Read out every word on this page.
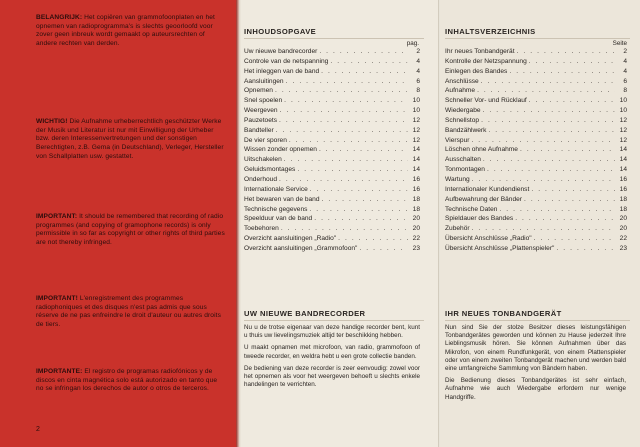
BELANGRIJK: Het copiëren van grammofoonplaten en het opnemen van radioprogramma's is slechts geoorloofd voor zover geen inbreuk wordt gemaakt op auteursrechten of andere rechten van derden.
WICHTIG! Die Aufnahme urheberrechtlich geschützter Werke der Musik und Literatur ist nur mit Einwilligung der Urheber bzw. deren Interessenvertretungen und der sonstigen Berechtigten, z.B. Gema (in Deutschland), Verleger, Hersteller von Schallplatten usw. gestattet.
IMPORTANT: It should be remembered that recording of radio programmes (and copying of gramophone records) is only permissible in so far as copyright or other rights of third parties are not thereby infringed.
IMPORTANT! L'enregistrement des programmes radiophoniques et des disques n'est pas admis que sous réserve de ne pas enfreindre le droit d'auteur ou autres droits de tiers.
IMPORTANTE: El registro de programas radiofónicos y de discos en cinta magnética solo está autorizado en tanto que no se infringan los derechos de autor o otros de terceros.
2
INHOUDSOPGAVE
pag.
Uw nieuwe bandrecorder . . .	2
Controle van de netspanning . . .	4
Het inleggen van de band . . .	4
Aansluitingen . . .	6
Opnemen . . .	8
Snel spoelen . . .	10
Weergeven . . .	10
Pauzetoets . . .	12
Bandteller . . .	12
De vier sporen . . .	12
Wissen zonder opnemen . . .	14
Uitschakelen . . .	14
Geluidsmontages . . .	14
Onderhoud . . .	16
Internationale Service . . .	16
Het bewaren van de band . . .	18
Technische gegevens . . .	18
Speelduur van de band . . .	20
Toebehoren . . .	20
Overzicht aansluitingen „Radio" . . .	22
Overzicht aansluitingen „Grammofoon" . . .	23
INHALTSVERZEICHNIS
Seite
Ihr neues Tonbandgerät . . .	2
Kontrolle der Netzspannung . . .	4
Einlegen des Bandes . . .	4
Anschlüsse . . .	6
Aufnahme . . .	8
Schneller Vor- und Rücklauf . . .	10
Wiedergabe . . .	10
Schnellstop . . .	12
Bandzählwerk . . .	12
Vierspur . . .	12
Löschen ohne Aufnahme . . .	14
Ausschalten . . .	14
Tonmontagen . . .	14
Wartung . . .	16
Internationaler Kundendienst . . .	16
Aufbewahrung der Bänder . . .	18
Technische Daten . . .	18
Spieldauer des Bandes . . .	20
Zubehör . . .	20
Übersicht Anschlüsse „Radio" . . .	22
Übersicht Anschlüsse „Plattenspieler" . . .	23
UW NIEUWE BANDRECORDER

Nu u de trotse eigenaar van deze handige recorder bent, kunt u thuis uw lievelingsmuziek altijd ter beschikking hebben.

U maakt opnamen met microfoon, van radio, grammofoon of tweede recorder, en weldra hebt u een grote collectie banden.

De bediening van deze recorder is zeer eenvoudig: zowel voor het opnemen als voor het weergeven behoeft u slechts enkele handelingen te verrichten.

IHR NEUES TONBANDGERÄT

Nun sind Sie der stolze Besitzer dieses leistungsfähigen Tonbandgerätes geworden und können zu Hause jederzeit Ihre Lieblingsmusik hören. Sie können Aufnahmen über das Mikrofon, von einem Rundfunkgerät, von einem Plattenspieler oder von einem zweiten Tonbandgerät machen und werden bald eine umfangreiche Sammlung von Bändern haben.

Die Bedienung dieses Tonbandgerätes ist sehr einfach, Aufnahme wie auch Wiedergabe erfordern nur wenige Handgriffe.
